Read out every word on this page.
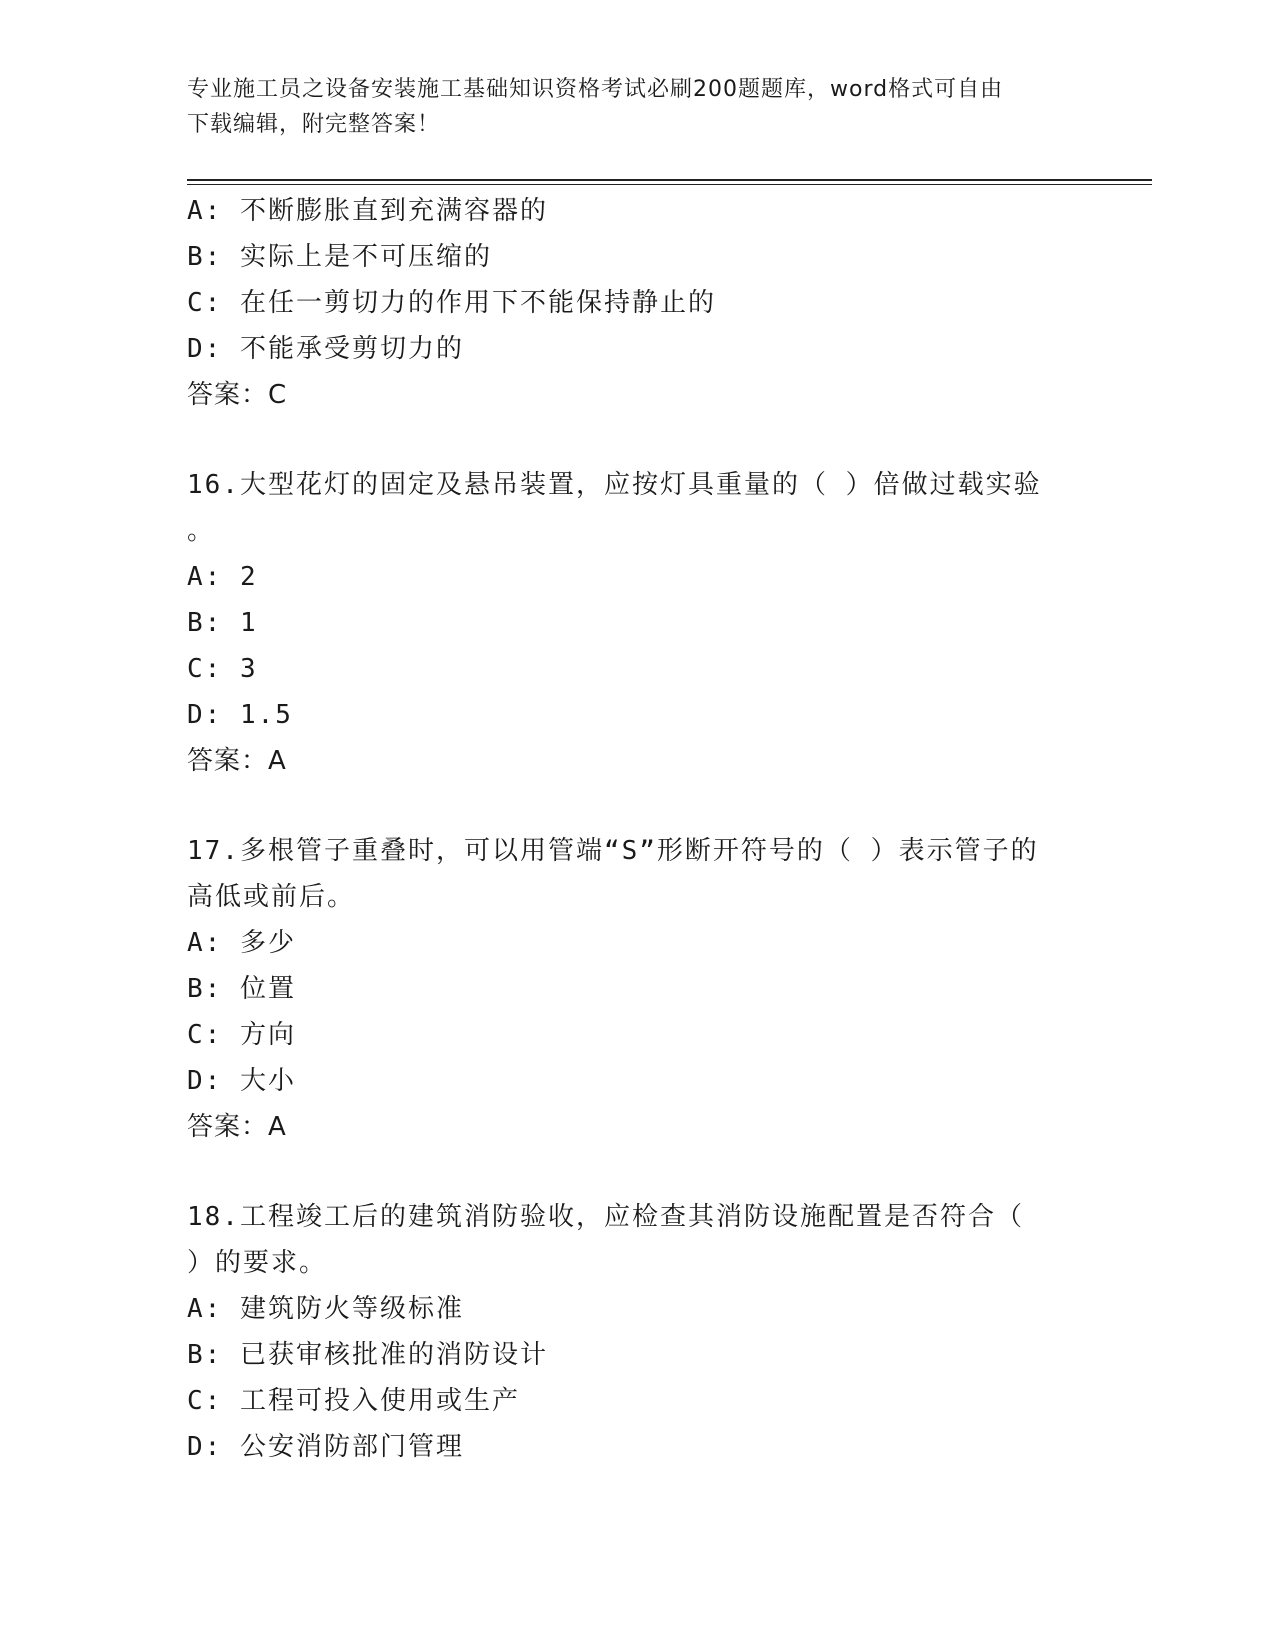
专业施工员之设备安装施工基础知识资格考试必刷200题题库，word格式可自由
下载编辑，附完整答案！
A: 不断膨胀直到充满容器的
B: 实际上是不可压缩的
C: 在任一剪切力的作用下不能保持静止的
D: 不能承受剪切力的
答案：C
16.大型花灯的固定及悬吊装置，应按灯具重量的（ ）倍做过载实验
。
A: 2
B: 1
C: 3
D: 1.5
答案：A
17.多根管子重叠时，可以用管端“S”形断开符号的（ ）表示管子的
高低或前后。
A: 多少
B: 位置
C: 方向
D: 大小
答案：A
18.工程竣工后的建筑消防验收，应检查其消防设施配置是否符合（
）的要求。
A: 建筑防火等级标准
B: 已获审核批准的消防设计
C: 工程可投入使用或生产
D: 公安消防部门管理
